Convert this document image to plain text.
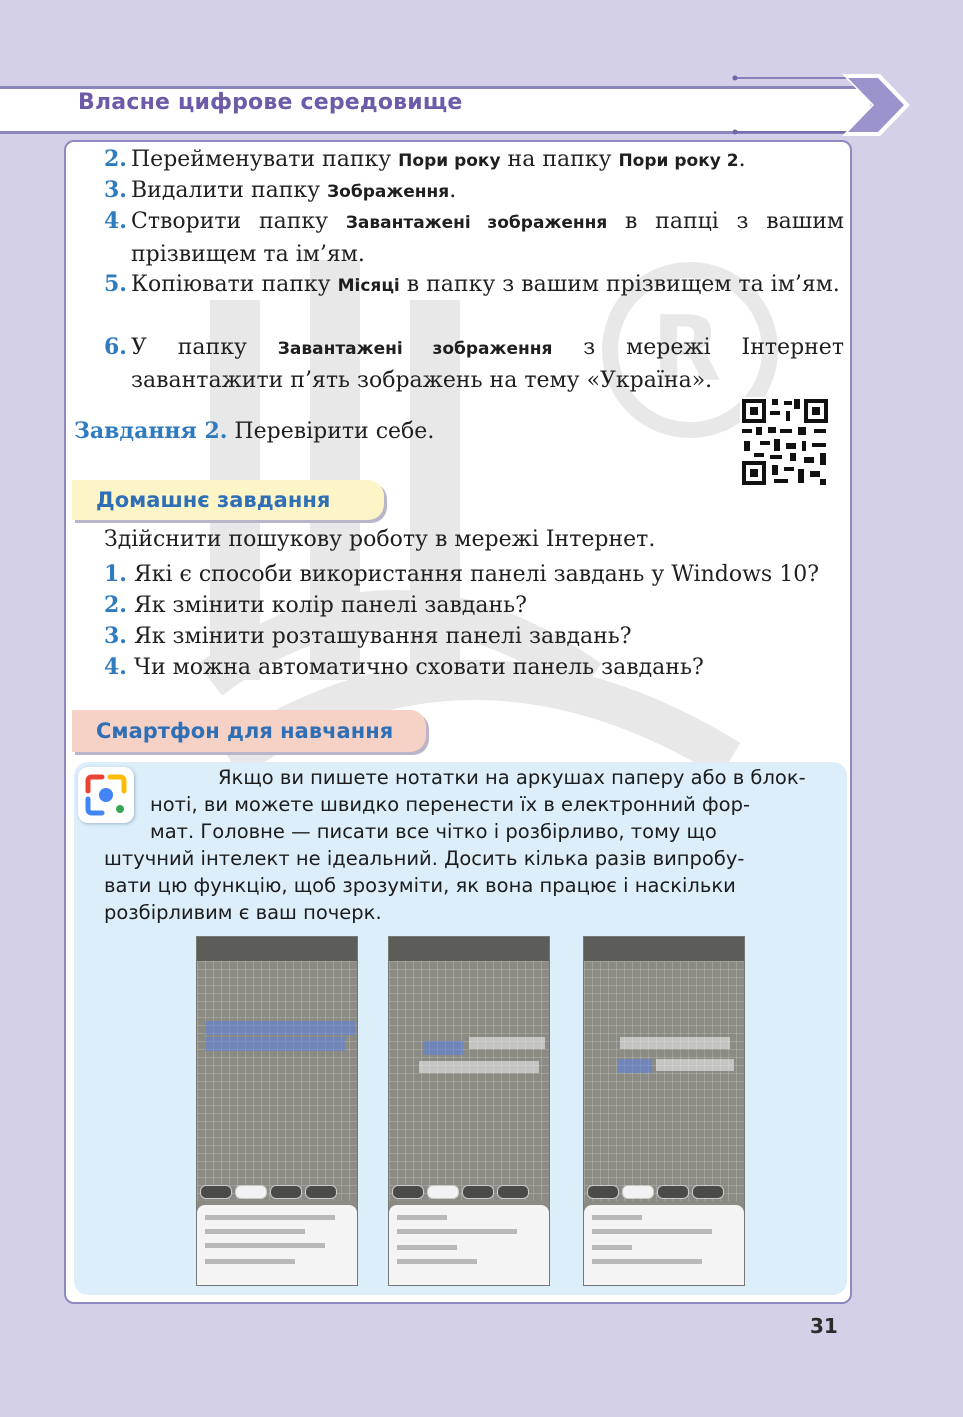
Власне цифрове середовище
R
2. Перейменувати папку Пори року на папку Пори року 2.
3. Видалити папку Зображення.
4. Створити папку Завантажені зображення в папці з вашим прізвищем та ім’ям.
5. Копіювати папку Місяці в папку з вашим прізвищем та ім’ям.
6. У папку Завантажені зображення з мережі Інтернет завантажити п’ять зображень на тему «Україна».
Завдання 2. Перевірити себе.
Домашнє завдання
Здійснити пошукову роботу в мережі Інтернет.
1. Які є способи використання панелі завдань у Windows 10?
2. Як змінити колір панелі завдань?
3. Як змінити розташування панелі завдань?
4. Чи можна автоматично сховати панель завдань?
Смартфон для навчання
Якщо ви пишете нотатки на аркушах паперу або в блок-
ноті, ви можете швидко перенести їх в електронний фор-
мат. Головне — писати все чітко і розбірливо, тому що
штучний інтелект не ідеальний. Досить кілька разів випробу-
вати цю функцію, щоб зрозуміти, як вона працює і наскільки
розбірливим є ваш почерк.
31
